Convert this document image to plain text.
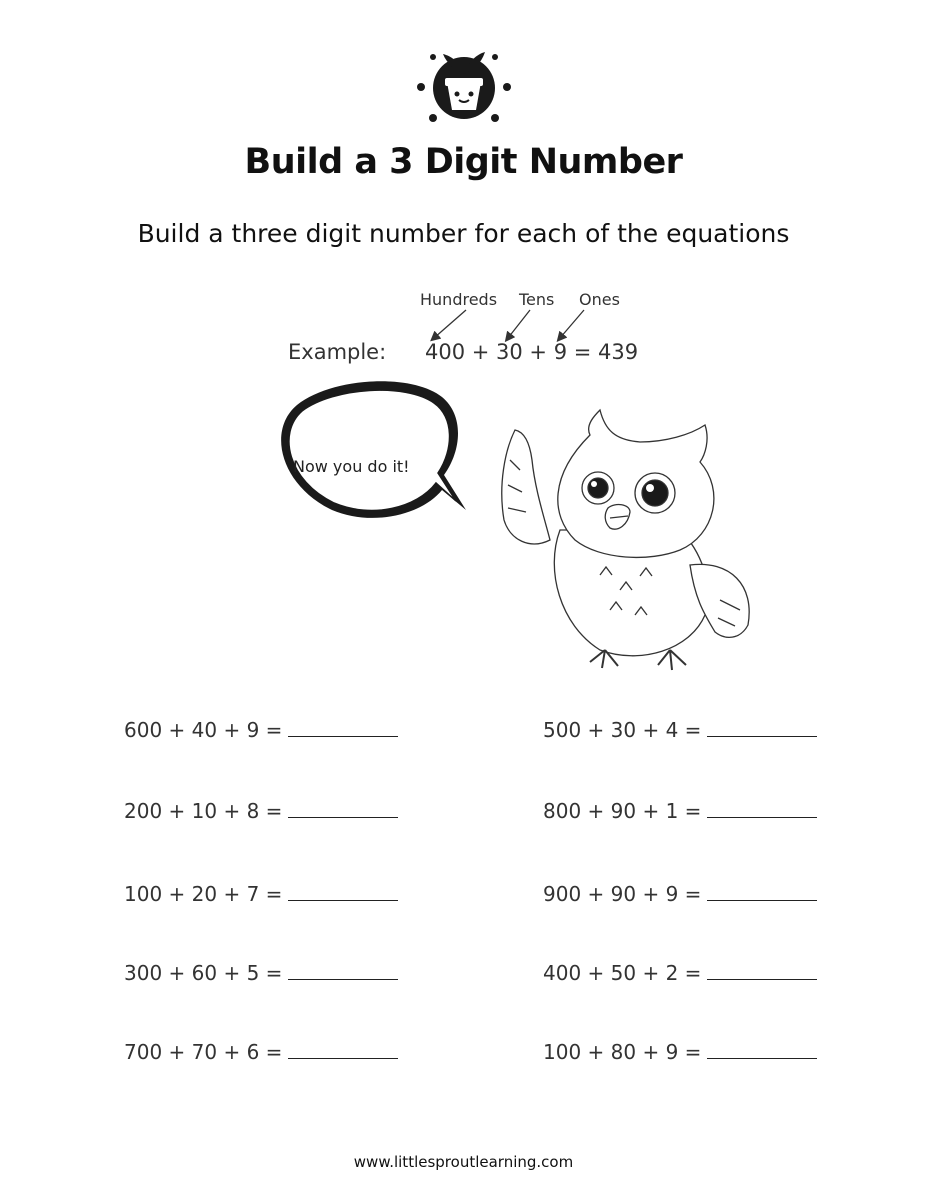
Build a 3 Digit Number
Build a three digit number for each of the equations
Hundreds Tens Ones
Example: 400 + 30 + 9 = 439
Now you do it!
600 + 40 + 9 =
200 + 10 + 8 =
100 + 20 + 7 =
300 + 60 + 5 =
700 + 70 + 6 =
500 + 30 + 4 =
800 + 90 + 1 =
900 + 90 + 9 =
400 + 50 + 2 =
100 + 80 + 9 =
www.littlesproutlearning.com
